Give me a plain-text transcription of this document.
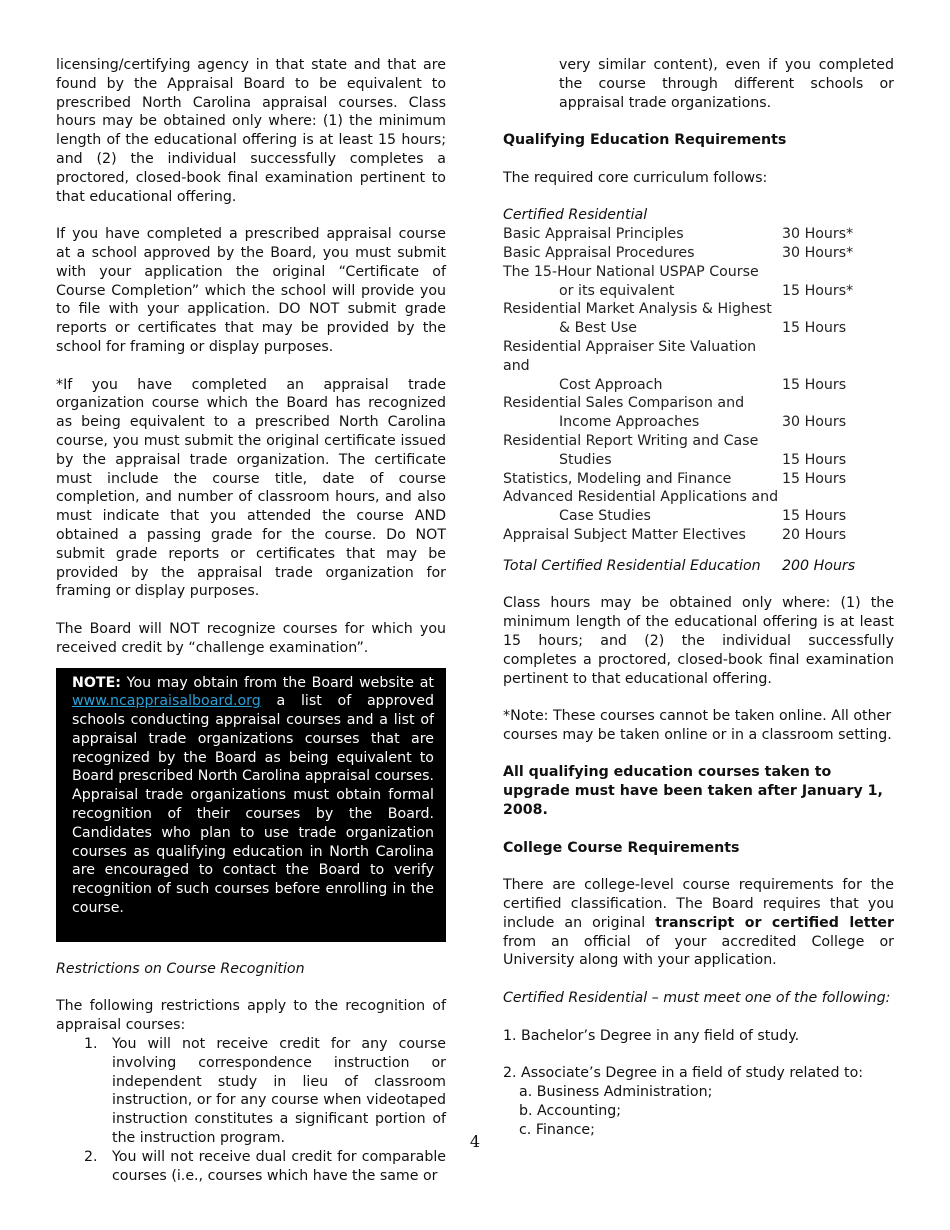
licensing/certifying agency in that state and that are found by the Appraisal Board to be equivalent to prescribed North Carolina appraisal courses. Class hours may be obtained only where: (1) the minimum length of the educational offering is at least 15 hours; and (2) the individual successfully completes a proctored, closed-book final examination pertinent to that educational offering.

If you have completed a prescribed appraisal course at a school approved by the Board, you must submit with your application the original “Certificate of Course Completion” which the school will provide you to file with your application. DO NOT submit grade reports or certificates that may be provided by the school for framing or display purposes.

*If you have completed an appraisal trade organization course which the Board has recognized as being equivalent to a prescribed North Carolina course, you must submit the original certificate issued by the appraisal trade organization. The certificate must include the course title, date of course completion, and number of classroom hours, and also must indicate that you attended the course AND obtained a passing grade for the course. Do NOT submit grade reports or certificates that may be provided by the appraisal trade organization for framing or display purposes.

The Board will NOT recognize courses for which you received credit by “challenge examination”.

NOTE: You may obtain from the Board website at www.ncappraisalboard.org a list of approved schools conducting appraisal courses and a list of appraisal trade organizations courses that are recognized by the Board as being equivalent to Board prescribed North Carolina appraisal courses. Appraisal trade organizations must obtain formal recognition of their courses by the Board. Candidates who plan to use trade organization courses as qualifying education in North Carolina are encouraged to contact the Board to verify recognition of such courses before enrolling in the course.

Restrictions on Course Recognition

The following restrictions apply to the recognition of appraisal courses:

1. You will not receive credit for any course involving correspondence instruction or independent study in lieu of classroom instruction, or for any course when videotaped instruction constitutes a significant portion of the instruction program.
2. You will not receive dual credit for comparable courses (i.e., courses which have the same or

very similar content), even if you completed the course through different schools or appraisal trade organizations.

Qualifying Education Requirements

The required core curriculum follows:

Certified Residential

Basic Appraisal Principles	30 Hours*
Basic Appraisal Procedures	30 Hours*
The 15-Hour National USPAP Course
or its equivalent	15 Hours*
Residential Market Analysis & Highest
& Best Use	15 Hours
Residential Appraiser Site Valuation and
Cost Approach	15 Hours
Residential Sales Comparison and
Income Approaches	30 Hours
Residential Report Writing and Case
Studies	15 Hours
Statistics, Modeling and Finance	15 Hours
Advanced Residential Applications and
Case Studies	15 Hours
Appraisal Subject Matter Electives	20 Hours
Total Certified Residential Education	200 Hours

Class hours may be obtained only where: (1) the minimum length of the educational offering is at least 15 hours; and (2) the individual successfully completes a proctored, closed-book final examination pertinent to that educational offering.

*Note: These courses cannot be taken online. All other courses may be taken online or in a classroom setting.

All qualifying education courses taken to upgrade must have been taken after January 1, 2008.

College Course Requirements

There are college-level course requirements for the certified classification. The Board requires that you include an original transcript or certified letter from an official of your accredited College or University along with your application.

Certified Residential – must meet one of the following:

1. Bachelor’s Degree in any field of study.

2. Associate’s Degree in a field of study related to:

a. Business Administration;
b. Accounting;
c. Finance;
4
